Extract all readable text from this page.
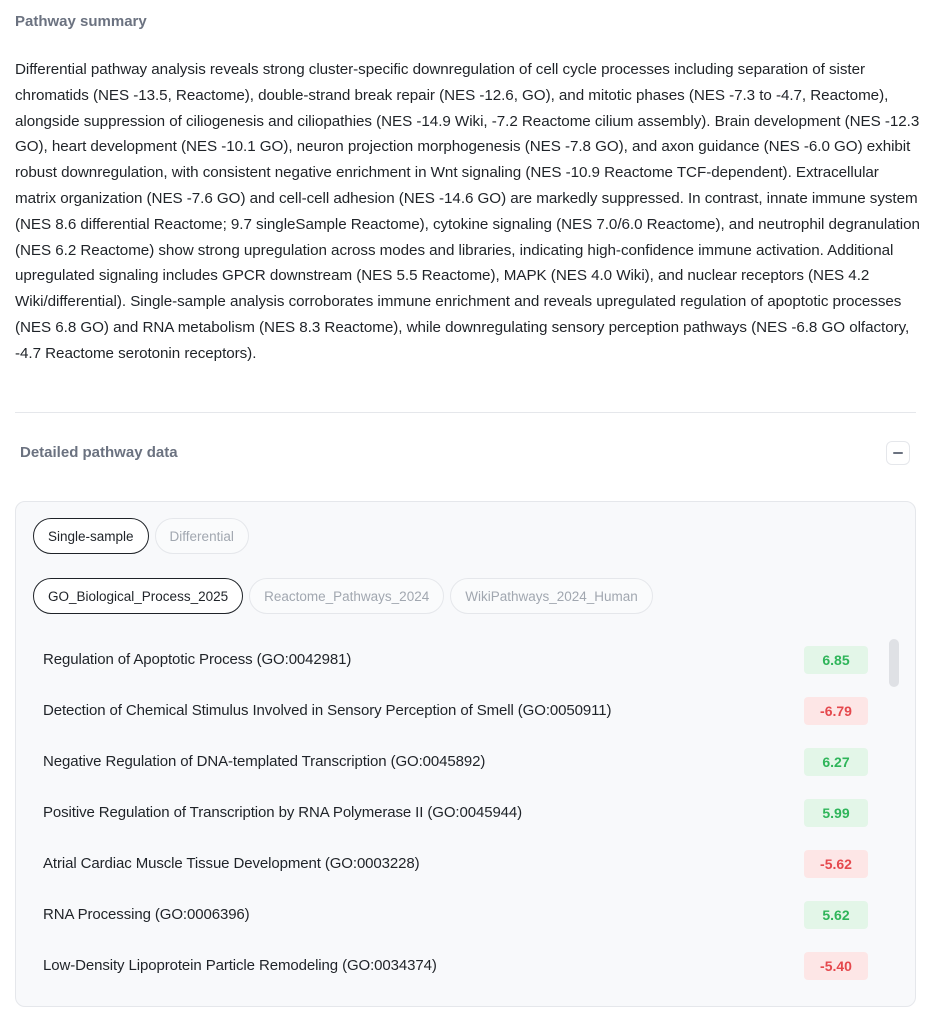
Pathway summary

Differential pathway analysis reveals strong cluster-specific downregulation of cell cycle processes including separation of sister chromatids (NES -13.5, Reactome), double-strand break repair (NES -12.6, GO), and mitotic phases (NES -7.3 to -4.7, Reactome), alongside suppression of ciliogenesis and ciliopathies (NES -14.9 Wiki, -7.2 Reactome cilium assembly). Brain development (NES -12.3 GO), heart development (NES -10.1 GO), neuron projection morphogenesis (NES -7.8 GO), and axon guidance (NES -6.0 GO) exhibit robust downregulation, with consistent negative enrichment in Wnt signaling (NES -10.9 Reactome TCF-dependent). Extracellular matrix organization (NES -7.6 GO) and cell-cell adhesion (NES -14.6 GO) are markedly suppressed. In contrast, innate immune system (NES 8.6 differential Reactome; 9.7 singleSample Reactome), cytokine signaling (NES 7.0/6.0 Reactome), and neutrophil degranulation (NES 6.2 Reactome) show strong upregulation across modes and libraries, indicating high-confidence immune activation. Additional upregulated signaling includes GPCR downstream (NES 5.5 Reactome), MAPK (NES 4.0 Wiki), and nuclear receptors (NES 4.2 Wiki/differential). Single-sample analysis corroborates immune enrichment and reveals upregulated regulation of apoptotic processes (NES 6.8 GO) and RNA metabolism (NES 8.3 Reactome), while downregulating sensory perception pathways (NES -6.8 GO olfactory, -4.7 Reactome serotonin receptors).

Detailed pathway data
Single-sample	Differential
GO_Biological_Process_2025	Reactome_Pathways_2024	WikiPathways_2024_Human
Regulation of Apoptotic Process (GO:0042981)	6.85
Detection of Chemical Stimulus Involved in Sensory Perception of Smell (GO:0050911)	-6.79
Negative Regulation of DNA-templated Transcription (GO:0045892)	6.27
Positive Regulation of Transcription by RNA Polymerase II (GO:0045944)	5.99
Atrial Cardiac Muscle Tissue Development (GO:0003228)	-5.62
RNA Processing (GO:0006396)	5.62
Low-Density Lipoprotein Particle Remodeling (GO:0034374)	-5.40
